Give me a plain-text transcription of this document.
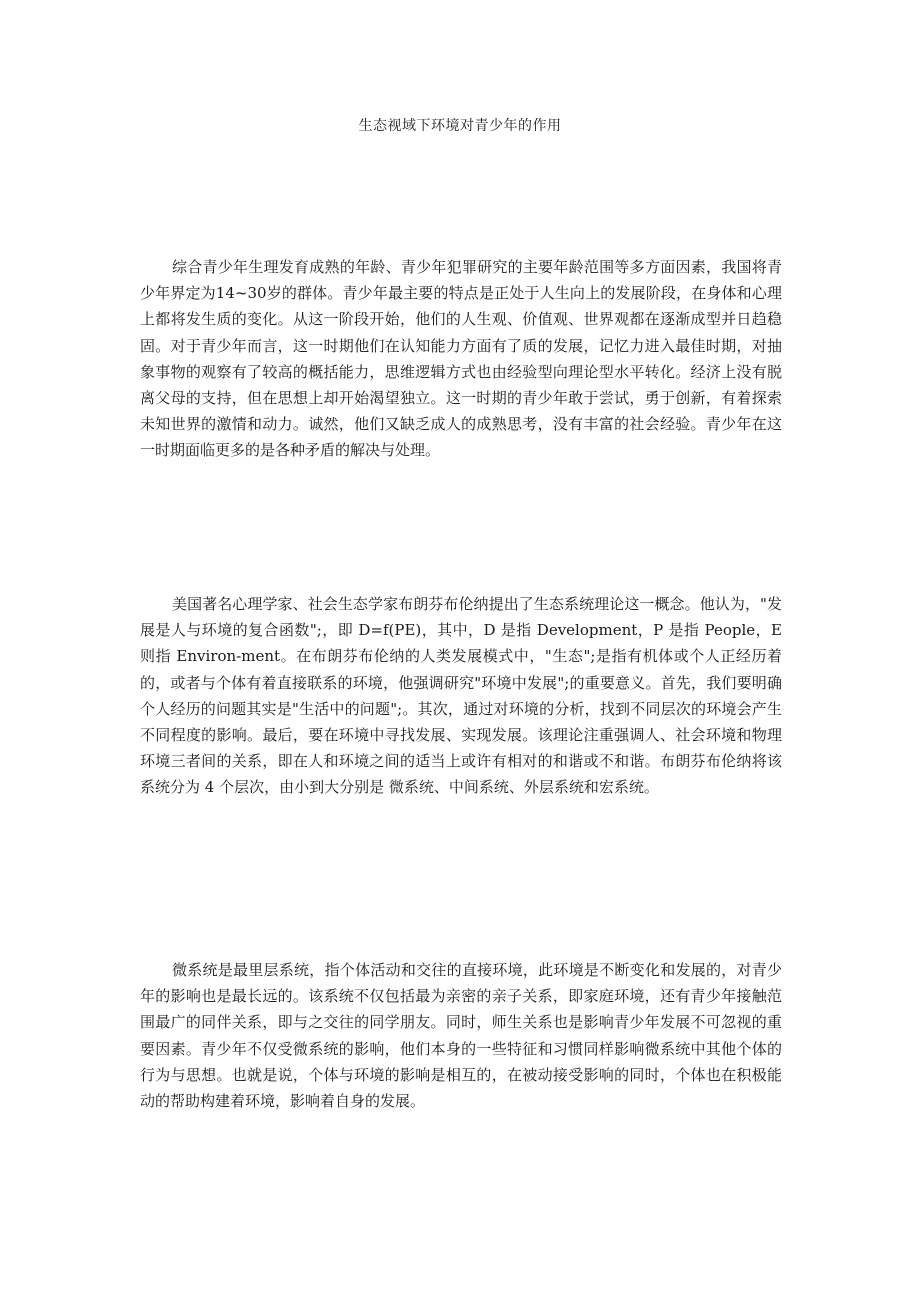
生态视域下环境对青少年的作用

综合青少年生理发育成熟的年龄、青少年犯罪研究的主要年龄范围等多方面因素，我国将青少年界定为14~30岁的群体。青少年最主要的特点是正处于人生向上的发展阶段，在身体和心理上都将发生质的变化。从这一阶段开始，他们的人生观、价值观、世界观都在逐渐成型并日趋稳固。对于青少年而言，这一时期他们在认知能力方面有了质的发展，记忆力进入最佳时期，对抽象事物的观察有了较高的概括能力，思维逻辑方式也由经验型向理论型水平转化。经济上没有脱离父母的支持，但在思想上却开始渴望独立。这一时期的青少年敢于尝试，勇于创新，有着探索未知世界的激情和动力。诚然，他们又缺乏成人的成熟思考，没有丰富的社会经验。青少年在这一时期面临更多的是各种矛盾的解决与处理。

美国著名心理学家、社会生态学家布朗芬布伦纳提出了生态系统理论这一概念。他认为，"发展是人与环境的复合函数";，即 D=f(PE)，其中，D 是指 Development，P 是指 People，E 则指 Environ-ment。在布朗芬布伦纳的人类发展模式中，"生态";是指有机体或个人正经历着的，或者与个体有着直接联系的环境，他强调研究"环境中发展";的重要意义。首先，我们要明确个人经历的问题其实是"生活中的问题";。其次，通过对环境的分析，找到不同层次的环境会产生不同程度的影响。最后，要在环境中寻找发展、实现发展。该理论注重强调人、社会环境和物理环境三者间的关系，即在人和环境之间的适当上或许有相对的和谐或不和谐。布朗芬布伦纳将该系统分为 4 个层次，由小到大分别是 微系统、中间系统、外层系统和宏系统。

微系统是最里层系统，指个体活动和交往的直接环境，此环境是不断变化和发展的，对青少年的影响也是最长远的。该系统不仅包括最为亲密的亲子关系，即家庭环境，还有青少年接触范围最广的同伴关系，即与之交往的同学朋友。同时，师生关系也是影响青少年发展不可忽视的重要因素。青少年不仅受微系统的影响，他们本身的一些特征和习惯同样影响微系统中其他个体的行为与思想。也就是说，个体与环境的影响是相互的，在被动接受影响的同时，个体也在积极能动的帮助构建着环境，影响着自身的发展。
